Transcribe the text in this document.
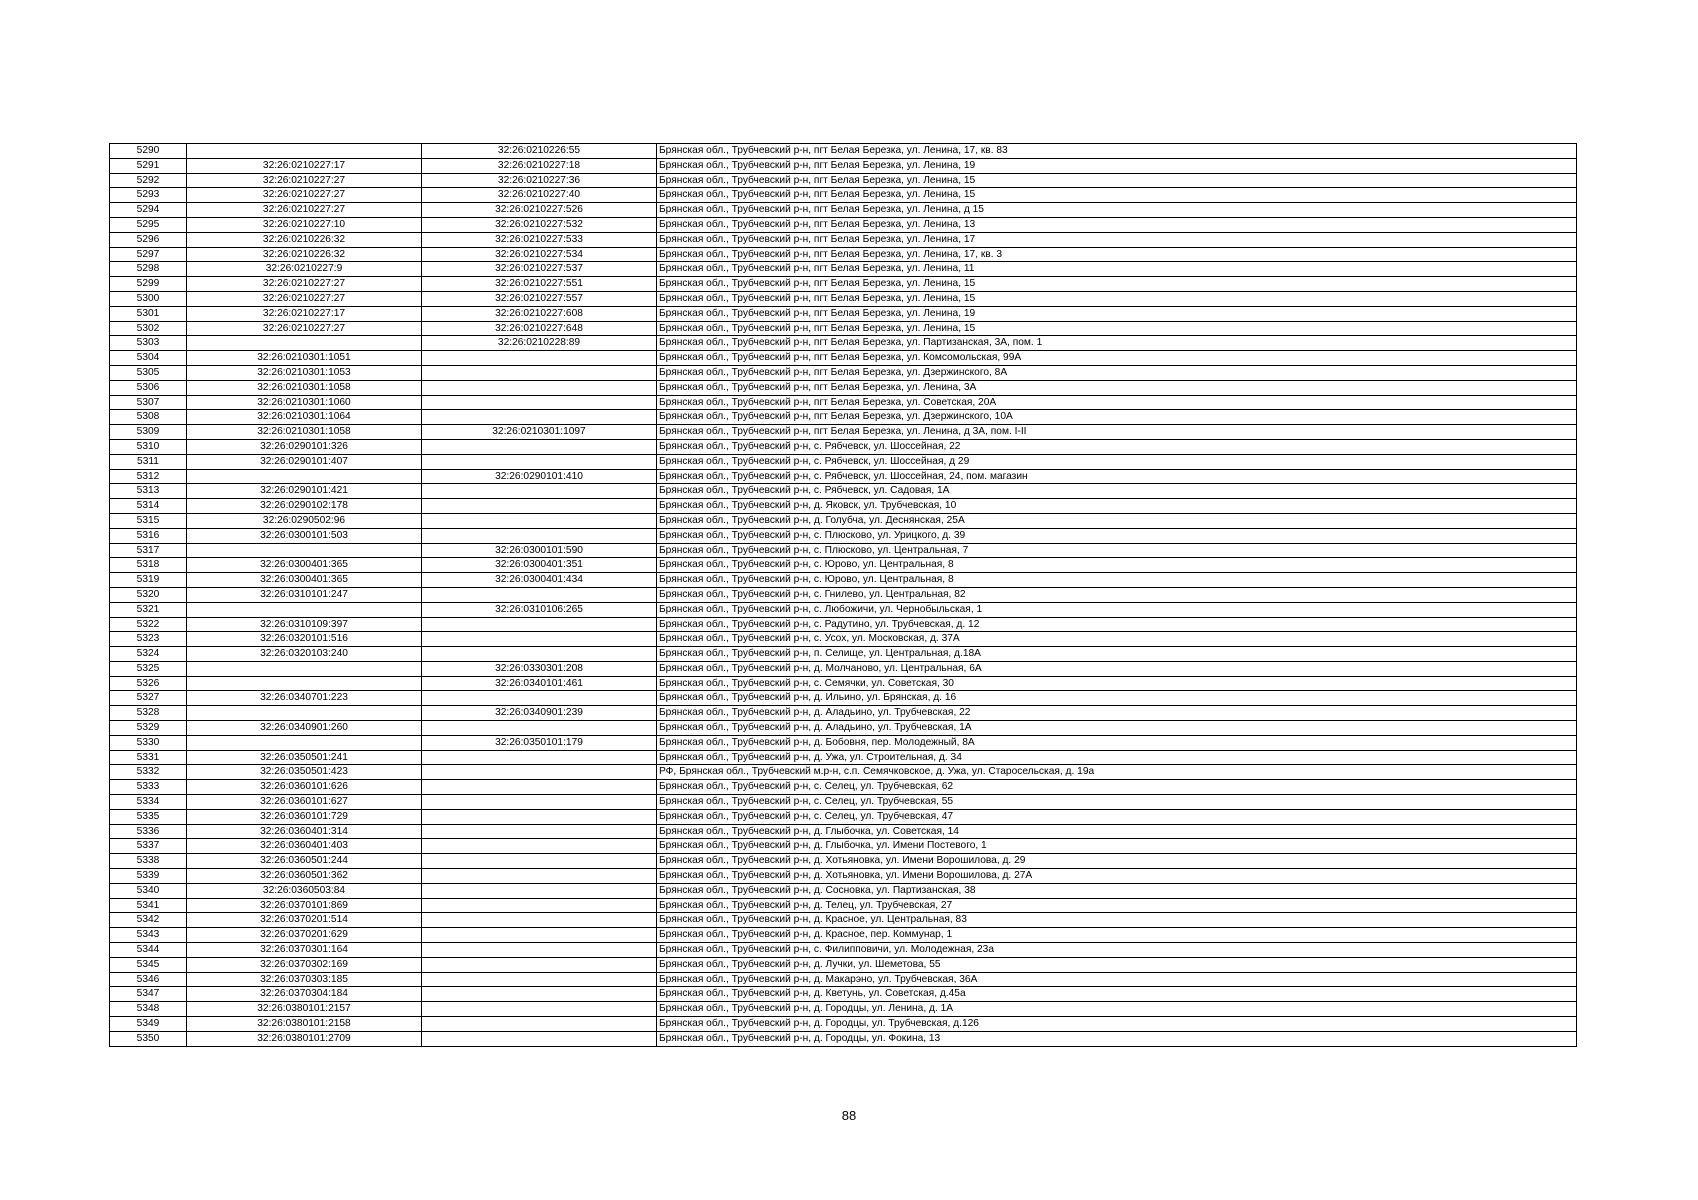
5290		32:26:0210226:55	Брянская обл., Трубчевский р-н, пгт Белая Березка, ул. Ленина, 17, кв. 83
5291	32:26:0210227:17	32:26:0210227:18	Брянская обл., Трубчевский р-н, пгт Белая Березка, ул. Ленина, 19
5292	32:26:0210227:27	32:26:0210227:36	Брянская обл., Трубчевский р-н, пгт Белая Березка, ул. Ленина, 15
5293	32:26:0210227:27	32:26:0210227:40	Брянская обл., Трубчевский р-н, пгт Белая Березка, ул. Ленина, 15
5294	32:26:0210227:27	32:26:0210227:526	Брянская обл., Трубчевский р-н, пгт Белая Березка, ул. Ленина, д 15
5295	32:26:0210227:10	32:26:0210227:532	Брянская обл., Трубчевский р-н, пгт Белая Березка, ул. Ленина, 13
5296	32:26:0210226:32	32:26:0210227:533	Брянская обл., Трубчевский р-н, пгт Белая Березка, ул. Ленина, 17
5297	32:26:0210226:32	32:26:0210227:534	Брянская обл., Трубчевский р-н, пгт Белая Березка, ул. Ленина, 17, кв. 3
5298	32:26:0210227:9	32:26:0210227:537	Брянская обл., Трубчевский р-н, пгт Белая Березка, ул. Ленина, 11
5299	32:26:0210227:27	32:26:0210227:551	Брянская обл., Трубчевский р-н, пгт Белая Березка, ул. Ленина, 15
5300	32:26:0210227:27	32:26:0210227:557	Брянская обл., Трубчевский р-н, пгт Белая Березка, ул. Ленина, 15
5301	32:26:0210227:17	32:26:0210227:608	Брянская обл., Трубчевский р-н, пгт Белая Березка, ул. Ленина, 19
5302	32:26:0210227:27	32:26:0210227:648	Брянская обл., Трубчевский р-н, пгт Белая Березка, ул. Ленина, 15
5303		32:26:0210228:89	Брянская обл., Трубчевский р-н, пгт Белая Березка, ул. Партизанская, 3А, пом. 1
5304	32:26:0210301:1051		Брянская обл., Трубчевский р-н, пгт Белая Березка, ул. Комсомольская, 99А
5305	32:26:0210301:1053		Брянская обл., Трубчевский р-н, пгт Белая Березка, ул. Дзержинского, 8А
5306	32:26:0210301:1058		Брянская обл., Трубчевский р-н, пгт Белая Березка, ул. Ленина, 3А
5307	32:26:0210301:1060		Брянская обл., Трубчевский р-н, пгт Белая Березка, ул. Советская, 20А
5308	32:26:0210301:1064		Брянская обл., Трубчевский р-н, пгт Белая Березка, ул. Дзержинского, 10А
5309	32:26:0210301:1058	32:26:0210301:1097	Брянская обл., Трубчевский р-н, пгт Белая Березка, ул. Ленина, д 3А, пом. I-II
5310	32:26:0290101:326		Брянская обл., Трубчевский р-н, с. Рябчевск, ул. Шоссейная, 22
5311	32:26:0290101:407		Брянская обл., Трубчевский р-н, с. Рябчевск, ул. Шоссейная, д 29
5312		32:26:0290101:410	Брянская обл., Трубчевский р-н, с. Рябчевск, ул. Шоссейная, 24, пом. магазин
5313	32:26:0290101:421		Брянская обл., Трубчевский р-н, с. Рябчевск, ул. Садовая, 1А
5314	32:26:0290102:178		Брянская обл., Трубчевский р-н, д. Яковск, ул. Трубчевская, 10
5315	32:26:0290502:96		Брянская обл., Трубчевский р-н, д. Голубча, ул. Деснянская, 25А
5316	32:26:0300101:503		Брянская обл., Трубчевский р-н, с. Плюсково, ул. Урицкого, д. 39
5317		32:26:0300101:590	Брянская обл., Трубчевский р-н, с. Плюсково, ул. Центральная, 7
5318	32:26:0300401:365	32:26:0300401:351	Брянская обл., Трубчевский р-н, с. Юрово, ул. Центральная, 8
5319	32:26:0300401:365	32:26:0300401:434	Брянская обл., Трубчевский р-н, с. Юрово, ул. Центральная, 8
5320	32:26:0310101:247		Брянская обл., Трубчевский р-н, с. Гнилево, ул. Центральная, 82
5321		32:26:0310106:265	Брянская обл., Трубчевский р-н, с. Любожичи, ул. Чернобыльская, 1
5322	32:26:0310109:397		Брянская обл., Трубчевский р-н, с. Радутино, ул. Трубчевская, д. 12
5323	32:26:0320101:516		Брянская обл., Трубчевский р-н, с. Усох, ул. Московская, д. 37А
5324	32:26:0320103:240		Брянская обл., Трубчевский р-н, п. Селище, ул. Центральная, д.18А
5325		32:26:0330301:208	Брянская обл., Трубчевский р-н, д. Молчаново, ул. Центральная, 6А
5326		32:26:0340101:461	Брянская обл., Трубчевский р-н, с. Семячки, ул. Советская, 30
5327	32:26:0340701:223		Брянская обл., Трубчевский р-н, д. Ильино, ул. Брянская, д. 16
5328		32:26:0340901:239	Брянская обл., Трубчевский р-н, д. Аладьино, ул. Трубчевская, 22
5329	32:26:0340901:260		Брянская обл., Трубчевский р-н, д. Аладьино, ул. Трубчевская, 1А
5330		32:26:0350101:179	Брянская обл., Трубчевский р-н, д. Бобовня, пер. Молодежный, 8А
5331	32:26:0350501:241		Брянская обл., Трубчевский р-н, д. Ужа, ул. Строительная, д. 34
5332	32:26:0350501:423		РФ, Брянская обл., Трубчевский м.р-н, с.п. Семячковское, д. Ужа, ул. Старосельская, д. 19а
5333	32:26:0360101:626		Брянская обл., Трубчевский р-н, с. Селец, ул. Трубчевская, 62
5334	32:26:0360101:627		Брянская обл., Трубчевский р-н, с. Селец, ул. Трубчевская, 55
5335	32:26:0360101:729		Брянская обл., Трубчевский р-н, с. Селец, ул. Трубчевская, 47
5336	32:26:0360401:314		Брянская обл., Трубчевский р-н, д. Глыбочка, ул. Советская, 14
5337	32:26:0360401:403		Брянская обл., Трубчевский р-н, д. Глыбочка, ул. Имени Постевого, 1
5338	32:26:0360501:244		Брянская обл., Трубчевский р-н, д. Хотьяновка, ул. Имени Ворошилова, д. 29
5339	32:26:0360501:362		Брянская обл., Трубчевский р-н, д. Хотьяновка, ул. Имени Ворошилова, д. 27А
5340	32:26:0360503:84		Брянская обл., Трубчевский р-н, д. Сосновка, ул. Партизанская, 38
5341	32:26:0370101:869		Брянская обл., Трубчевский р-н, д. Телец, ул. Трубчевская, 27
5342	32:26:0370201:514		Брянская обл., Трубчевский р-н, д. Красное, ул. Центральная, 83
5343	32:26:0370201:629		Брянская обл., Трубчевский р-н, д. Красное, пер. Коммунар, 1
5344	32:26:0370301:164		Брянская обл., Трубчевский р-н, с. Филипповичи, ул. Молодежная, 23а
5345	32:26:0370302:169		Брянская обл., Трубчевский р-н, д. Лучки, ул. Шеметова, 55
5346	32:26:0370303:185		Брянская обл., Трубчевский р-н, д. Макарэно, ул. Трубчевская, 36А
5347	32:26:0370304:184		Брянская обл., Трубчевский р-н, д. Кветунь, ул. Советская, д.45а
5348	32:26:0380101:2157		Брянская обл., Трубчевский р-н, д. Городцы, ул. Ленина, д. 1А
5349	32:26:0380101:2158		Брянская обл., Трубчевский р-н, д. Городцы, ул. Трубчевская, д.126
5350	32:26:0380101:2709		Брянская обл., Трубчевский р-н, д. Городцы, ул. Фокина, 13
88
